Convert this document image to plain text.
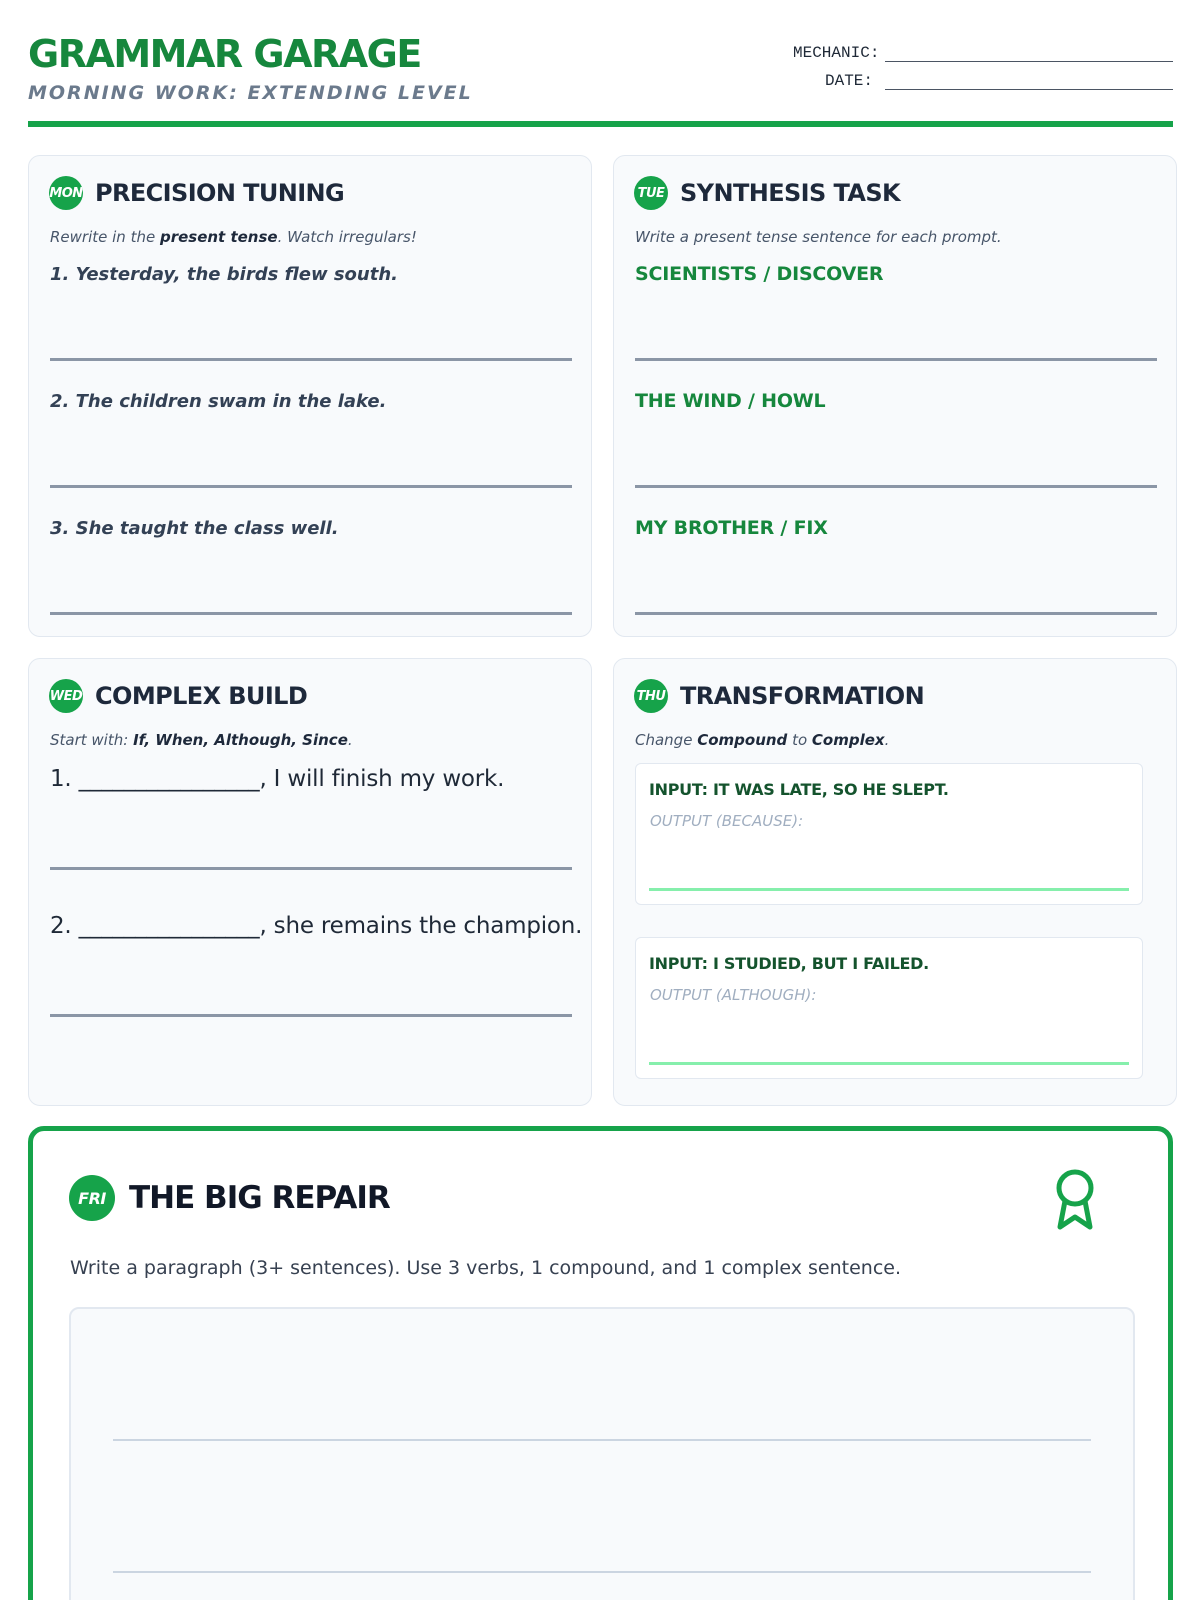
GRAMMAR GARAGE
MORNING WORK: EXTENDING LEVEL
MECHANIC:
DATE:
MON PRECISION TUNING
Rewrite in the present tense. Watch irregulars!
1. Yesterday, the birds flew south.
2. The children swam in the lake.
3. She taught the class well.
TUE SYNTHESIS TASK
Write a present tense sentence for each prompt.
SCIENTISTS / DISCOVER
THE WIND / HOWL
MY BROTHER / FIX
WED COMPLEX BUILD
Start with: If, When, Although, Since.
1. ________________, I will finish my work.
2. ________________, she remains the champion.
THU TRANSFORMATION
Change Compound to Complex.
INPUT: IT WAS LATE, SO HE SLEPT.
OUTPUT (BECAUSE):
INPUT: I STUDIED, BUT I FAILED.
OUTPUT (ALTHOUGH):
FRI THE BIG REPAIR
Write a paragraph (3+ sentences). Use 3 verbs, 1 compound, and 1 complex sentence.
